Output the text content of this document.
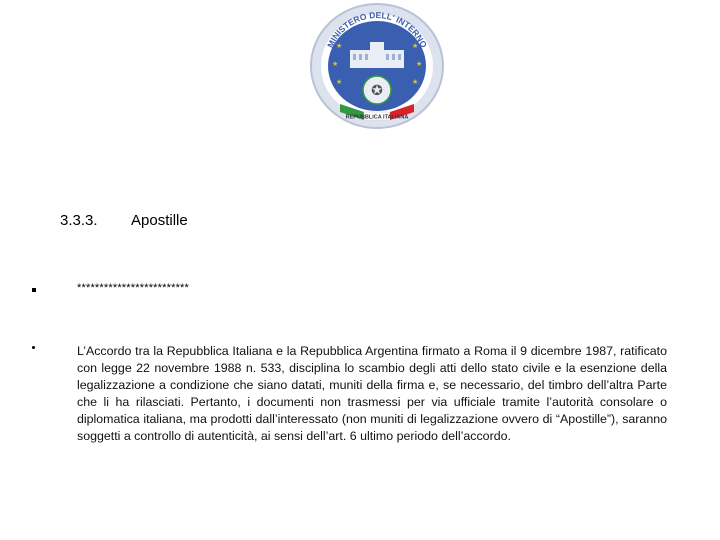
★	★
★	★
★	★
✪
MINISTERO DELL' INTERNO
REPUBBLICA ITALIANA
3.3.3. Apostille
*************************
L’Accordo tra la Repubblica Italiana e la Repubblica Argentina firmato a Roma il 9 dicembre 1987, ratificato con legge 22 novembre 1988 n. 533, disciplina lo scambio degli atti dello stato civile e la esenzione della legalizzazione a condizione che siano datati, muniti della firma e, se necessario, del timbro dell’altra Parte che li ha rilasciati. Pertanto, i documenti non trasmessi per via ufficiale tramite l’autorità consolare o diplomatica italiana, ma prodotti dall’interessato (non muniti di legalizzazione ovvero di “Apostille”), saranno soggetti a controllo di autenticità, ai sensi dell’art. 6 ultimo periodo dell’accordo.
